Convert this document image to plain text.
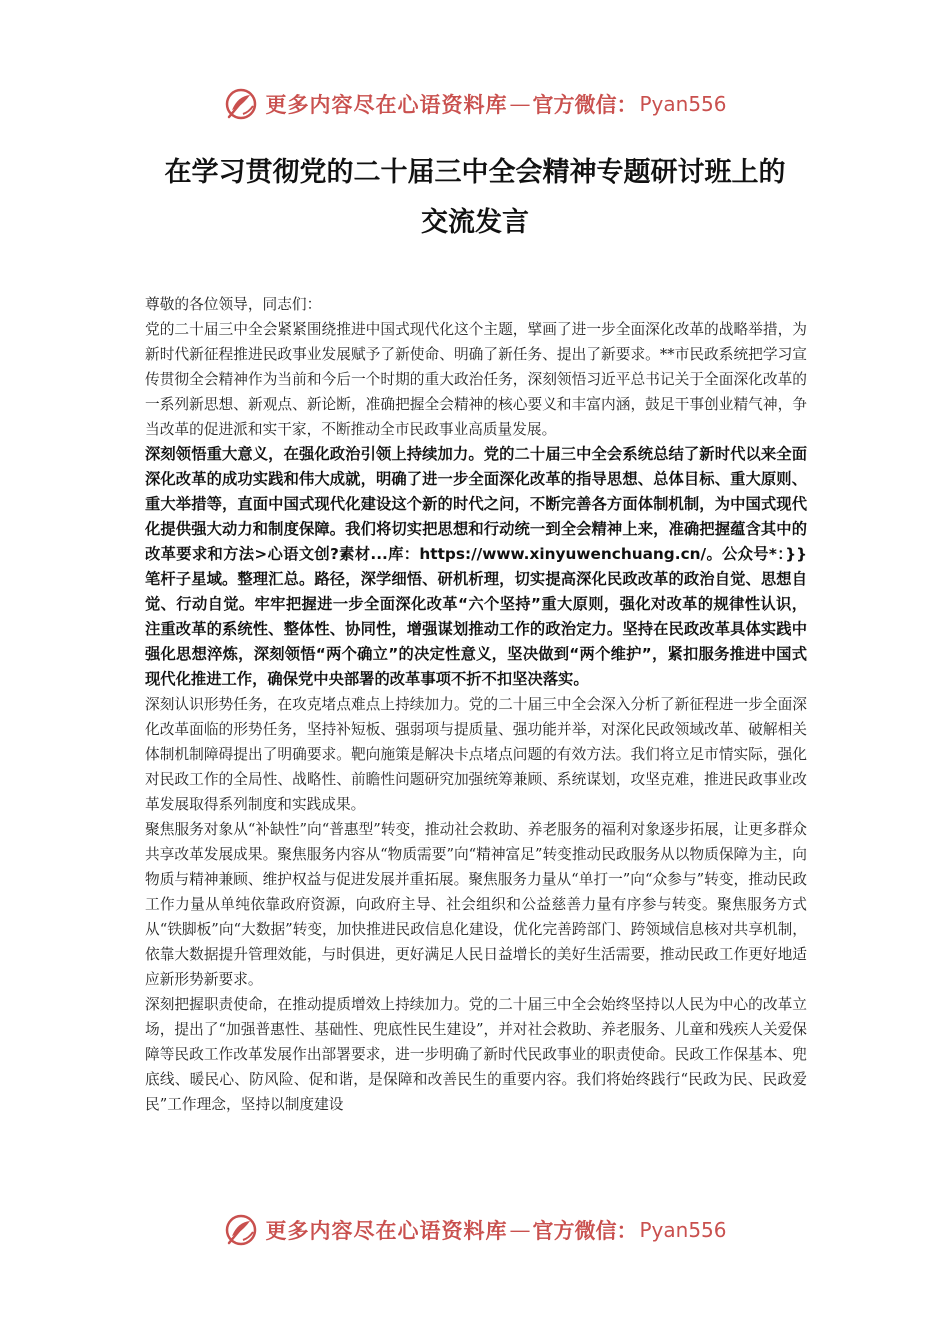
更多内容尽在心语资料库 — 官方微信： Pyan556
在学习贯彻党的二十届三中全会精神专题研讨班上的
交流发言

尊敬的各位领导，同志们：

党的二十届三中全会紧紧围绕推进中国式现代化这个主题，擘画了进一步全面深化改革的战略举措，为新时代新征程推进民政事业发展赋予了新使命、明确了新任务、提出了新要求。**市民政系统把学习宣传贯彻全会精神作为当前和今后一个时期的重大政治任务，深刻领悟习近平总书记关于全面深化改革的一系列新思想、新观点、新论断，准确把握全会精神的核心要义和丰富内涵，鼓足干事创业精气神，争当改革的促进派和实干家，不断推动全市民政事业高质量发展。

深刻领悟重大意义，在强化政治引领上持续加力。党的二十届三中全会系统总结了新时代以来全面深化改革的成功实践和伟大成就，明确了进一步全面深化改革的指导思想、总体目标、重大原则、重大举措等，直面中国式现代化建设这个新的时代之问，不断完善各方面体制机制，为中国式现代化提供强大动力和制度保障。我们将切实把思想和行动统一到全会精神上来，准确把握蕴含其中的改革要求和方法>心语文创?素材...库：https://www.xinyuwenchuang.cn/。公众号*：}}笔杆子星域。整理汇总。路径，深学细悟、研机析理，切实提高深化民政改革的政治自觉、思想自觉、行动自觉。牢牢把握进一步全面深化改革“六个坚持”重大原则，强化对改革的规律性认识，注重改革的系统性、整体性、协同性，增强谋划推动工作的政治定力。坚持在民政改革具体实践中强化思想淬炼，深刻领悟“两个确立”的决定性意义，坚决做到“两个维护”，紧扣服务推进中国式现代化推进工作，确保党中央部署的改革事项不折不扣坚决落实。

深刻认识形势任务，在攻克堵点难点上持续加力。党的二十届三中全会深入分析了新征程进一步全面深化改革面临的形势任务，坚持补短板、强弱项与提质量、强功能并举，对深化民政领域改革、破解相关体制机制障碍提出了明确要求。靶向施策是解决卡点堵点问题的有效方法。我们将立足市情实际，强化对民政工作的全局性、战略性、前瞻性问题研究加强统筹兼顾、系统谋划，攻坚克难，推进民政事业改革发展取得系列制度和实践成果。

聚焦服务对象从“补缺性”向“普惠型”转变，推动社会救助、养老服务的福利对象逐步拓展，让更多群众共享改革发展成果。聚焦服务内容从“物质需要”向“精神富足”转变推动民政服务从以物质保障为主，向物质与精神兼顾、维护权益与促进发展并重拓展。聚焦服务力量从“单打一”向“众参与”转变，推动民政工作力量从单纯依靠政府资源，向政府主导、社会组织和公益慈善力量有序参与转变。聚焦服务方式从“铁脚板”向“大数据”转变，加快推进民政信息化建设，优化完善跨部门、跨领域信息核对共享机制，依靠大数据提升管理效能，与时俱进，更好满足人民日益增长的美好生活需要，推动民政工作更好地适应新形势新要求。

深刻把握职责使命，在推动提质增效上持续加力。党的二十届三中全会始终坚持以人民为中心的改革立场，提出了“加强普惠性、基础性、兜底性民生建设”，并对社会救助、养老服务、儿童和残疾人关爱保障等民政工作改革发展作出部署要求，进一步明确了新时代民政事业的职责使命。民政工作保基本、兜底线、暖民心、防风险、促和谐，是保障和改善民生的重要内容。我们将始终践行“民政为民、民政爱民”工作理念，坚持以制度建设

更多内容尽在心语资料库 — 官方微信： Pyan556
